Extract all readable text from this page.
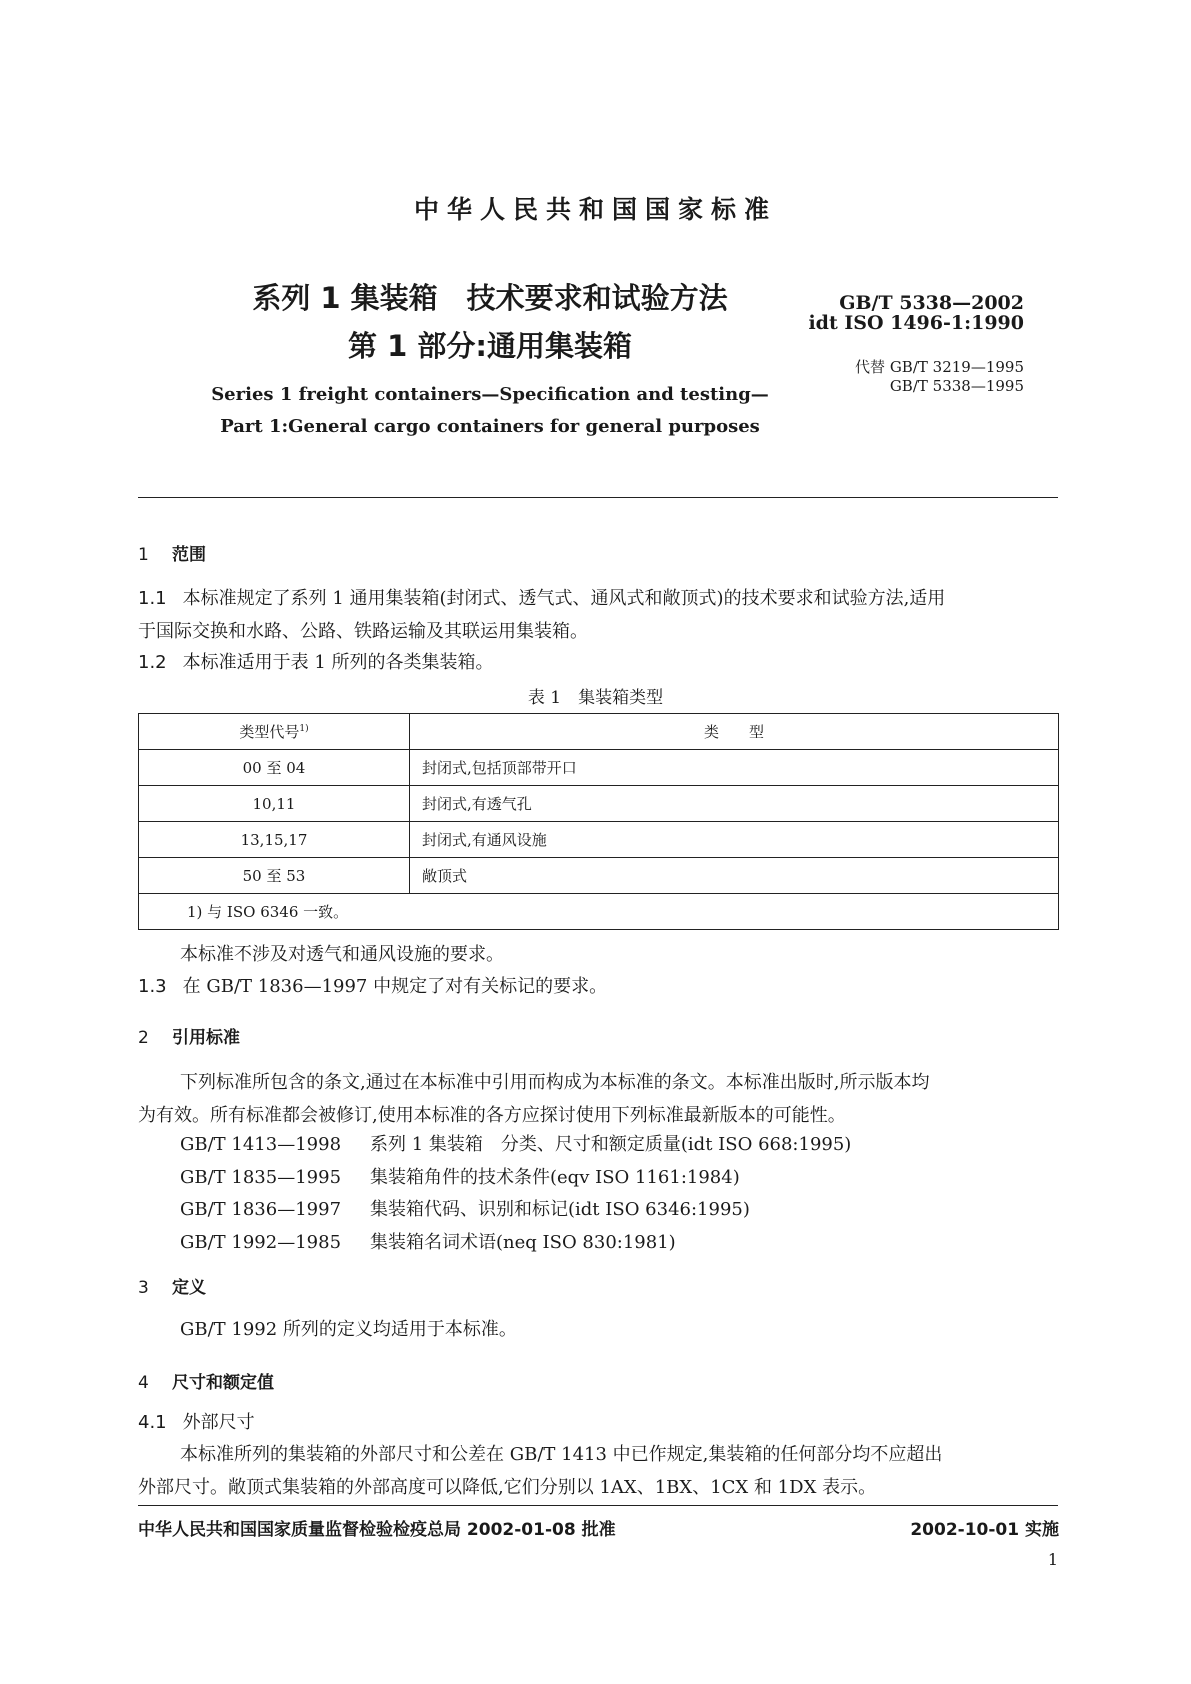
中华人民共和国国家标准
系列 1 集装箱　技术要求和试验方法
第 1 部分:通用集装箱
GB/T 5338—2002
idt ISO 1496-1:1990
代替 GB/T 3219—1995
GB/T 5338—1995
Series 1 freight containers—Specification and testing—
Part 1:General cargo containers for general purposes
1 范围
1.1 本标准规定了系列 1 通用集装箱(封闭式、透气式、通风式和敞顶式)的技术要求和试验方法,适用
于国际交换和水路、公路、铁路运输及其联运用集装箱。
1.2 本标准适用于表 1 所列的各类集装箱。
表 1　集装箱类型
类型代号$^{1)}$	类　　型
00 至 04	封闭式,包括顶部带开口
10,11	封闭式,有透气孔
13,15,17	封闭式,有通风设施
50 至 53	敞顶式
1) 与 ISO 6346 一致。	
本标准不涉及对透气和通风设施的要求。
1.3 在 GB/T 1836—1997 中规定了对有关标记的要求。
2 引用标准
下列标准所包含的条文,通过在本标准中引用而构成为本标准的条文。本标准出版时,所示版本均
为有效。所有标准都会被修订,使用本标准的各方应探讨使用下列标准最新版本的可能性。
GB/T 1413—1998 系列 1 集装箱　分类、尺寸和额定质量(idt ISO 668:1995)
GB/T 1835—1995 集装箱角件的技术条件(eqv ISO 1161:1984)
GB/T 1836—1997 集装箱代码、识别和标记(idt ISO 6346:1995)
GB/T 1992—1985 集装箱名词术语(neq ISO 830:1981)
3 定义
GB/T 1992 所列的定义均适用于本标准。
4 尺寸和额定值
4.1 外部尺寸
本标准所列的集装箱的外部尺寸和公差在 GB/T 1413 中已作规定,集装箱的任何部分均不应超出
外部尺寸。敞顶式集装箱的外部高度可以降低,它们分别以 1AX、1BX、1CX 和 1DX 表示。
中华人民共和国国家质量监督检验检疫总局 2002-01-08 批准	2002-10-01 实施
1
